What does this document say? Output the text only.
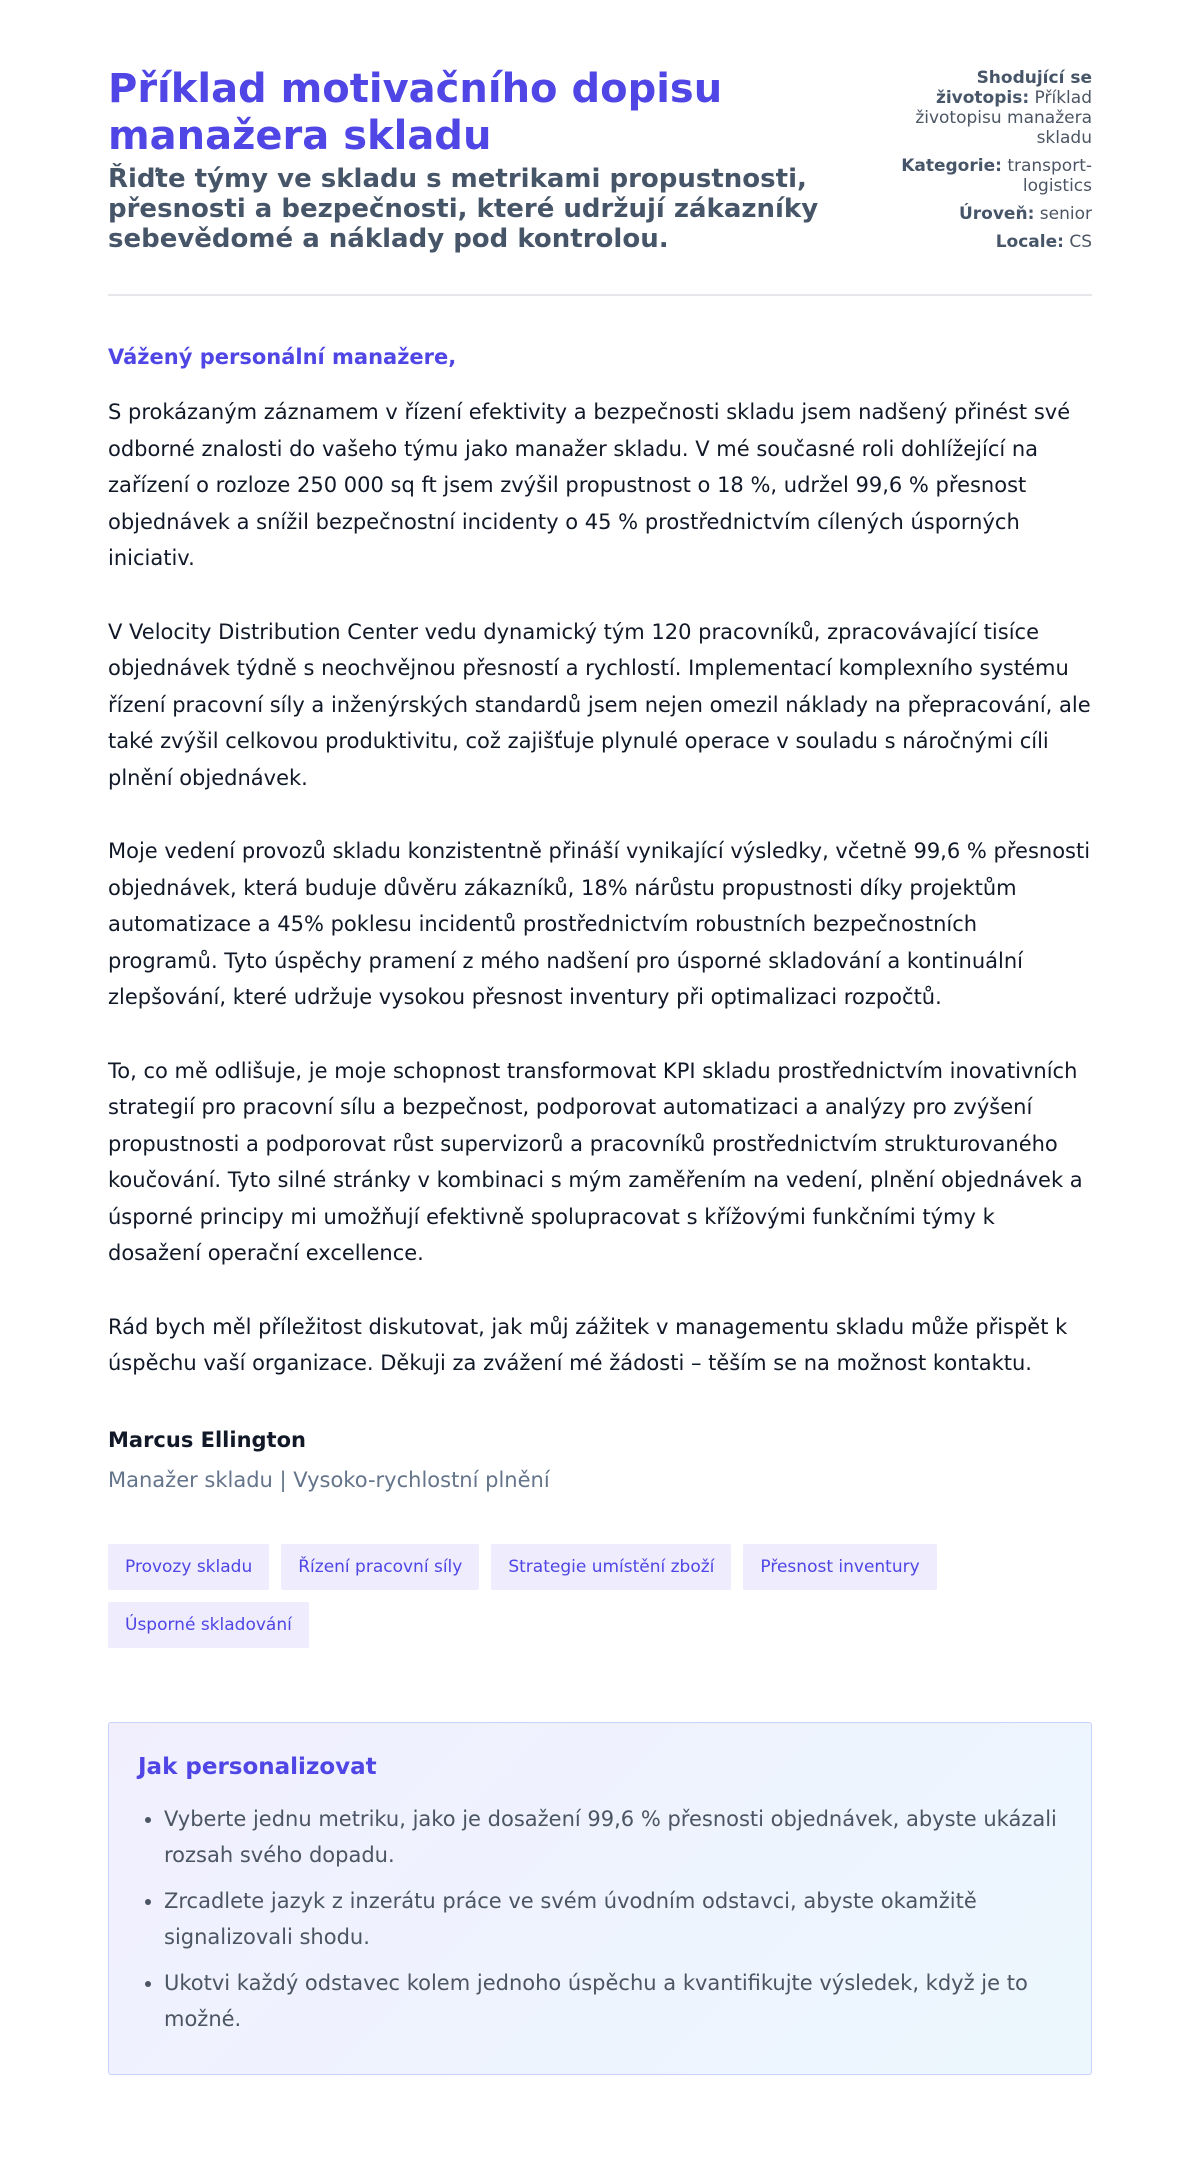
Příklad motivačního dopisu manažera skladu
Řiďte týmy ve skladu s metrikami propustnosti, přesnosti a bezpečnosti, které udržují zákazníky sebevědomé a náklady pod kontrolou.
Shodující se životopis: Příklad životopisu manažera skladu
Kategorie: transport-logistics
Úroveň: senior
Locale: CS

Vážený personální manažere,

S prokázaným záznamem v řízení efektivity a bezpečnosti skladu jsem nadšený přinést své odborné znalosti do vašeho týmu jako manažer skladu. V mé současné roli dohlížející na zařízení o rozloze 250 000 sq ft jsem zvýšil propustnost o 18 %, udržel 99,6 % přesnost objednávek a snížil bezpečnostní incidenty o 45 % prostřednictvím cílených úsporných iniciativ.

V Velocity Distribution Center vedu dynamický tým 120 pracovníků, zpracovávající tisíce objednávek týdně s neochvějnou přesností a rychlostí. Implementací komplexního systému řízení pracovní síly a inženýrských standardů jsem nejen omezil náklady na přepracování, ale také zvýšil celkovou produktivitu, což zajišťuje plynulé operace v souladu s náročnými cíli plnění objednávek.

Moje vedení provozů skladu konzistentně přináší vynikající výsledky, včetně 99,6 % přesnosti objednávek, která buduje důvěru zákazníků, 18% nárůstu propustnosti díky projektům automatizace a 45% poklesu incidentů prostřednictvím robustních bezpečnostních programů. Tyto úspěchy pramení z mého nadšení pro úsporné skladování a kontinuální zlepšování, které udržuje vysokou přesnost inventury při optimalizaci rozpočtů.

To, co mě odlišuje, je moje schopnost transformovat KPI skladu prostřednictvím inovativních strategií pro pracovní sílu a bezpečnost, podporovat automatizaci a analýzy pro zvýšení propustnosti a podporovat růst supervizorů a pracovníků prostřednictvím strukturovaného koučování. Tyto silné stránky v kombinaci s mým zaměřením na vedení, plnění objednávek a úsporné principy mi umožňují efektivně spolupracovat s křížovými funkčními týmy k dosažení operační excellence.

Rád bych měl příležitost diskutovat, jak můj zážitek v managementu skladu může přispět k úspěchu vaší organizace. Děkuji za zvážení mé žádosti – těším se na možnost kontaktu.

Marcus Ellington

Manažer skladu | Vysoko-rychlostní plnění

Provozy skladu	Řízení pracovní síly	Strategie umístění zboží	Přesnost inventury
Úsporné skladování
Jak personalizovat
• Vyberte jednu metriku, jako je dosažení 99,6 % přesnosti objednávek, abyste ukázali rozsah svého dopadu.
• Zrcadlete jazyk z inzerátu práce ve svém úvodním odstavci, abyste okamžitě signalizovali shodu.
• Ukotvi každý odstavec kolem jednoho úspěchu a kvantifikujte výsledek, když je to možné.
